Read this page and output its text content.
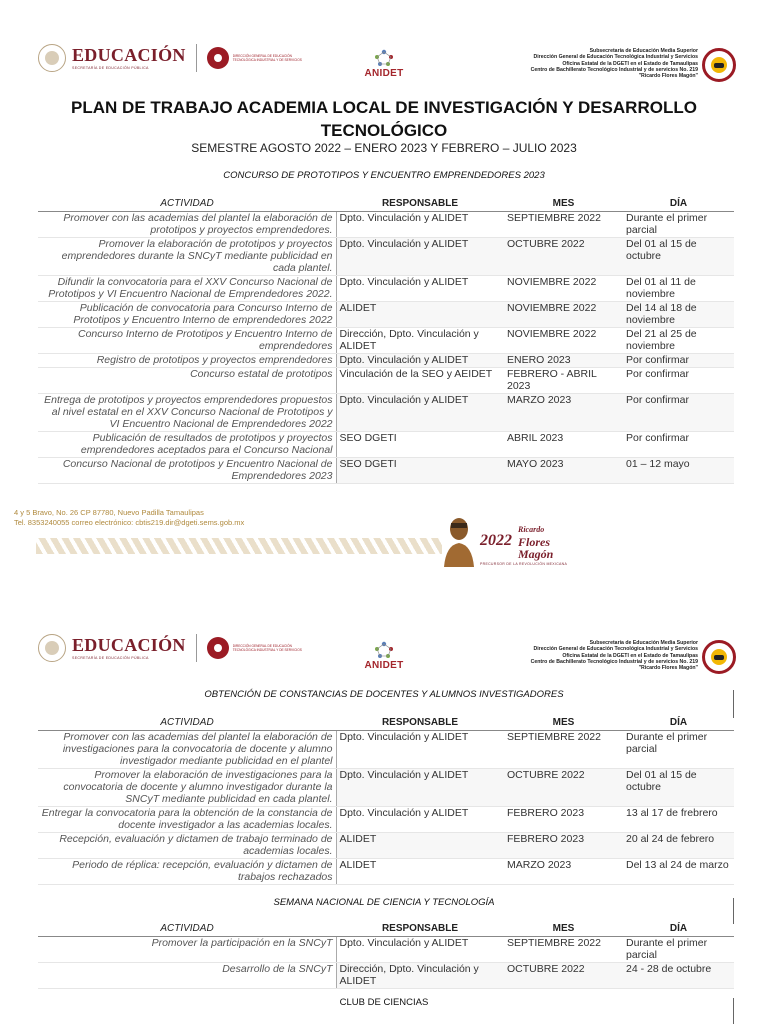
EDUCACIÓN
SECRETARÍA DE EDUCACIÓN PÚBLICA
DIRECCIÓN GENERAL DE EDUCACIÓN TECNOLÓGICA INDUSTRIAL Y DE SERVICIOS
ANIDET
Subsecretaría de Educación Media Superior
Dirección General de Educación Tecnológica Industrial y Servicios
Oficina Estatal de la DGETI en el Estado de Tamaulipas
Centro de Bachillerato Tecnológico Industrial y de servicios No. 219
"Ricardo Flores Magón"
PLAN DE TRABAJO ACADEMIA LOCAL DE INVESTIGACIÓN Y DESARROLLO TECNOLÓGICO
SEMESTRE AGOSTO 2022 – ENERO 2023 Y FEBRERO – JULIO 2023
CONCURSO DE PROTOTIPOS Y ENCUENTRO EMPRENDEDORES 2023
ACTIVIDAD	RESPONSABLE	MES	DÍA
Promover con las academias del plantel la elaboración de prototipos y proyectos emprendedores.	Dpto. Vinculación y ALIDET	SEPTIEMBRE 2022	Durante el primer parcial
Promover la elaboración de prototipos y proyectos emprendedores durante la SNCyT mediante publicidad en cada plantel.	Dpto. Vinculación y ALIDET	OCTUBRE 2022	Del 01 al 15 de octubre
Difundir la convocatoria para el XXV Concurso Nacional de Prototipos y VI Encuentro Nacional de Emprendedores 2022.	Dpto. Vinculación y ALIDET	NOVIEMBRE 2022	Del 01 al 11 de noviembre
Publicación de convocatoria para Concurso Interno de Prototipos y Encuentro Interno de emprendedores 2022	ALIDET	NOVIEMBRE 2022	Del 14 al 18 de noviembre
Concurso Interno de Prototipos y Encuentro Interno de emprendedores	Dirección, Dpto. Vinculación y ALIDET	NOVIEMBRE 2022	Del 21 al 25 de noviembre
Registro de prototipos y proyectos emprendedores	Dpto. Vinculación y ALIDET	ENERO 2023	Por confirmar
Concurso estatal de prototipos	Vinculación de la SEO y AEIDET	FEBRERO - ABRIL 2023	Por confirmar
Entrega de prototipos y proyectos emprendedores propuestos al nivel estatal en el XXV Concurso Nacional de Prototipos y VI Encuentro Nacional de Emprendedores 2022	Dpto. Vinculación y ALIDET	MARZO 2023	Por confirmar
Publicación de resultados de prototipos y proyectos emprendedores aceptados para el Concurso Nacional	SEO DGETI	ABRIL 2023	Por confirmar
Concurso Nacional de prototipos y Encuentro Nacional de Emprendedores 2023	SEO DGETI	MAYO 2023	01 – 12 mayo
4 y 5 Bravo, No. 26 CP 87780, Nuevo Padilla Tamaulipas
Tel. 8353240055 correo electrónico: cbtis219.dir@dgeti.sems.gob.mx
2022
Ricardo
Flores
Magón
PRECURSOR DE LA REVOLUCIÓN MEXICANA
EDUCACIÓN
SECRETARÍA DE EDUCACIÓN PÚBLICA
DIRECCIÓN GENERAL DE EDUCACIÓN TECNOLÓGICA INDUSTRIAL Y DE SERVICIOS
ANIDET
Subsecretaría de Educación Media Superior
Dirección General de Educación Tecnológica Industrial y Servicios
Oficina Estatal de la DGETI en el Estado de Tamaulipas
Centro de Bachillerato Tecnológico Industrial y de servicios No. 219
"Ricardo Flores Magón"
OBTENCIÓN DE CONSTANCIAS DE DOCENTES Y ALUMNOS INVESTIGADORES
ACTIVIDAD	RESPONSABLE	MES	DÍA
Promover con las academias del plantel la elaboración de investigaciones para la convocatoria de docente y alumno investigador mediante publicidad en el plantel	Dpto. Vinculación y ALIDET	SEPTIEMBRE 2022	Durante el primer parcial
Promover la elaboración de investigaciones para la convocatoria de docente y alumno investigador durante la SNCyT mediante publicidad en cada plantel.	Dpto. Vinculación y ALIDET	OCTUBRE 2022	Del 01 al 15 de octubre
Entregar la convocatoria para la obtención de la constancia de docente investigador a las academias locales.	Dpto. Vinculación y ALIDET	FEBRERO 2023	13 al 17 de frebrero
Recepción, evaluación y dictamen de trabajo terminado de academias locales.	ALIDET	FEBRERO 2023	20 al 24 de febrero
Periodo de réplica: recepción, evaluación y dictamen de trabajos rechazados	ALIDET	MARZO 2023	Del 13 al 24 de marzo
SEMANA NACIONAL DE CIENCIA Y TECNOLOGÍA
ACTIVIDAD	RESPONSABLE	MES	DÍA
Promover la participación en la SNCyT	Dpto. Vinculación y ALIDET	SEPTIEMBRE 2022	Durante el primer parcial
Desarrollo de la SNCyT	Dirección, Dpto. Vinculación y ALIDET	OCTUBRE 2022	24 - 28 de octubre
CLUB DE CIENCIAS
